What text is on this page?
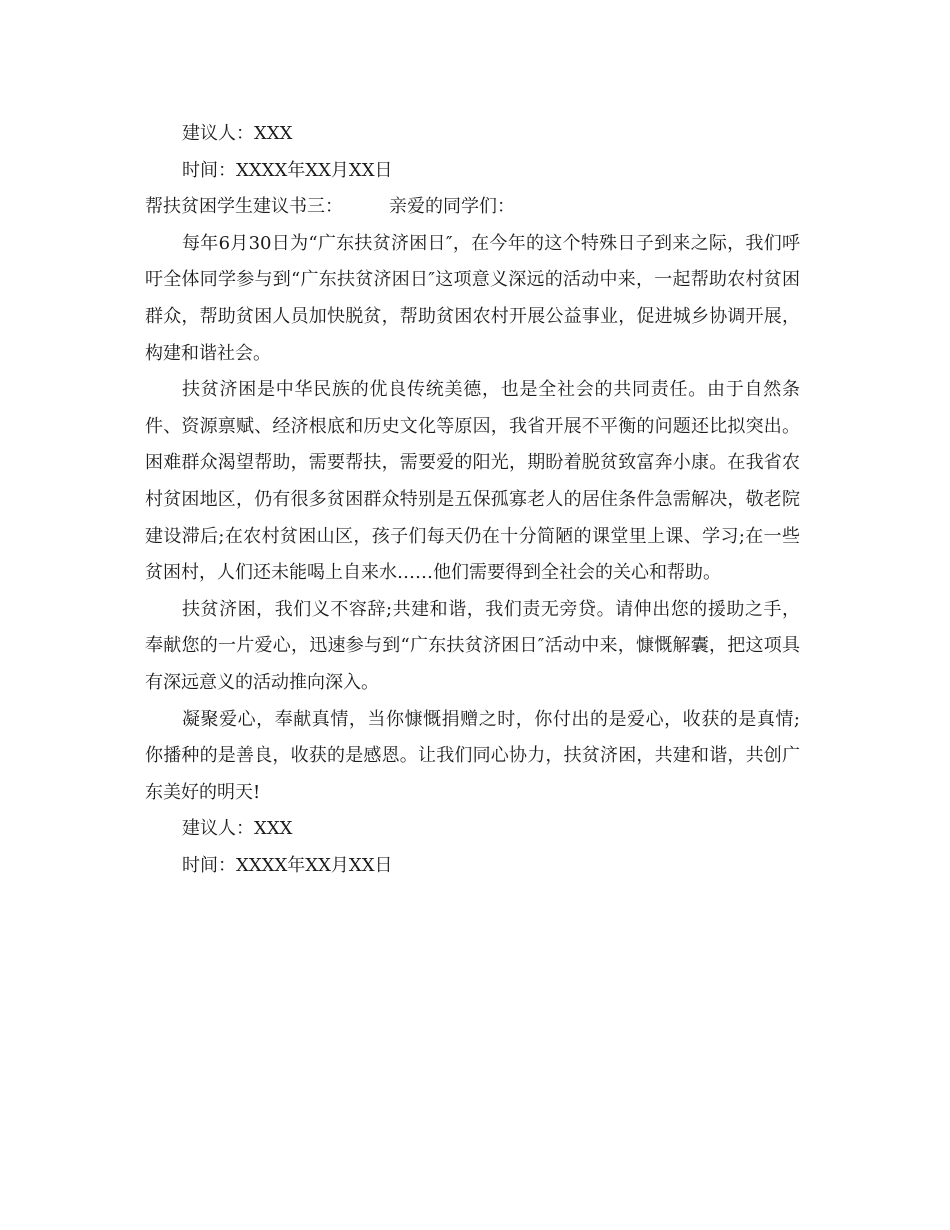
建议人：XXX

时间：XXXX年XX月XX日

帮扶贫困学生建议书三：	亲爱的同学们：

每年6月30日为“广东扶贫济困日″，在今年的这个特殊日子到来之际，我们呼吁全体同学参与到“广东扶贫济困日″这项意义深远的活动中来，一起帮助农村贫困群众，帮助贫困人员加快脱贫，帮助贫困农村开展公益事业，促进城乡协调开展，构建和谐社会。

扶贫济困是中华民族的优良传统美德，也是全社会的共同责任。由于自然条件、资源禀赋、经济根底和历史文化等原因，我省开展不平衡的问题还比拟突出。困难群众渴望帮助，需要帮扶，需要爱的阳光，期盼着脱贫致富奔小康。在我省农村贫困地区，仍有很多贫困群众特别是五保孤寡老人的居住条件急需解决，敬老院建设滞后;在农村贫困山区，孩子们每天仍在十分简陋的课堂里上课、学习;在一些贫困村，人们还未能喝上自来水……他们需要得到全社会的关心和帮助。

扶贫济困，我们义不容辞;共建和谐，我们责无旁贷。请伸出您的援助之手，奉献您的一片爱心，迅速参与到“广东扶贫济困日″活动中来，慷慨解囊，把这项具有深远意义的活动推向深入。

凝聚爱心，奉献真情，当你慷慨捐赠之时，你付出的是爱心，收获的是真情;你播种的是善良，收获的是感恩。让我们同心协力，扶贫济困，共建和谐，共创广东美好的明天!

建议人：XXX

时间：XXXX年XX月XX日
